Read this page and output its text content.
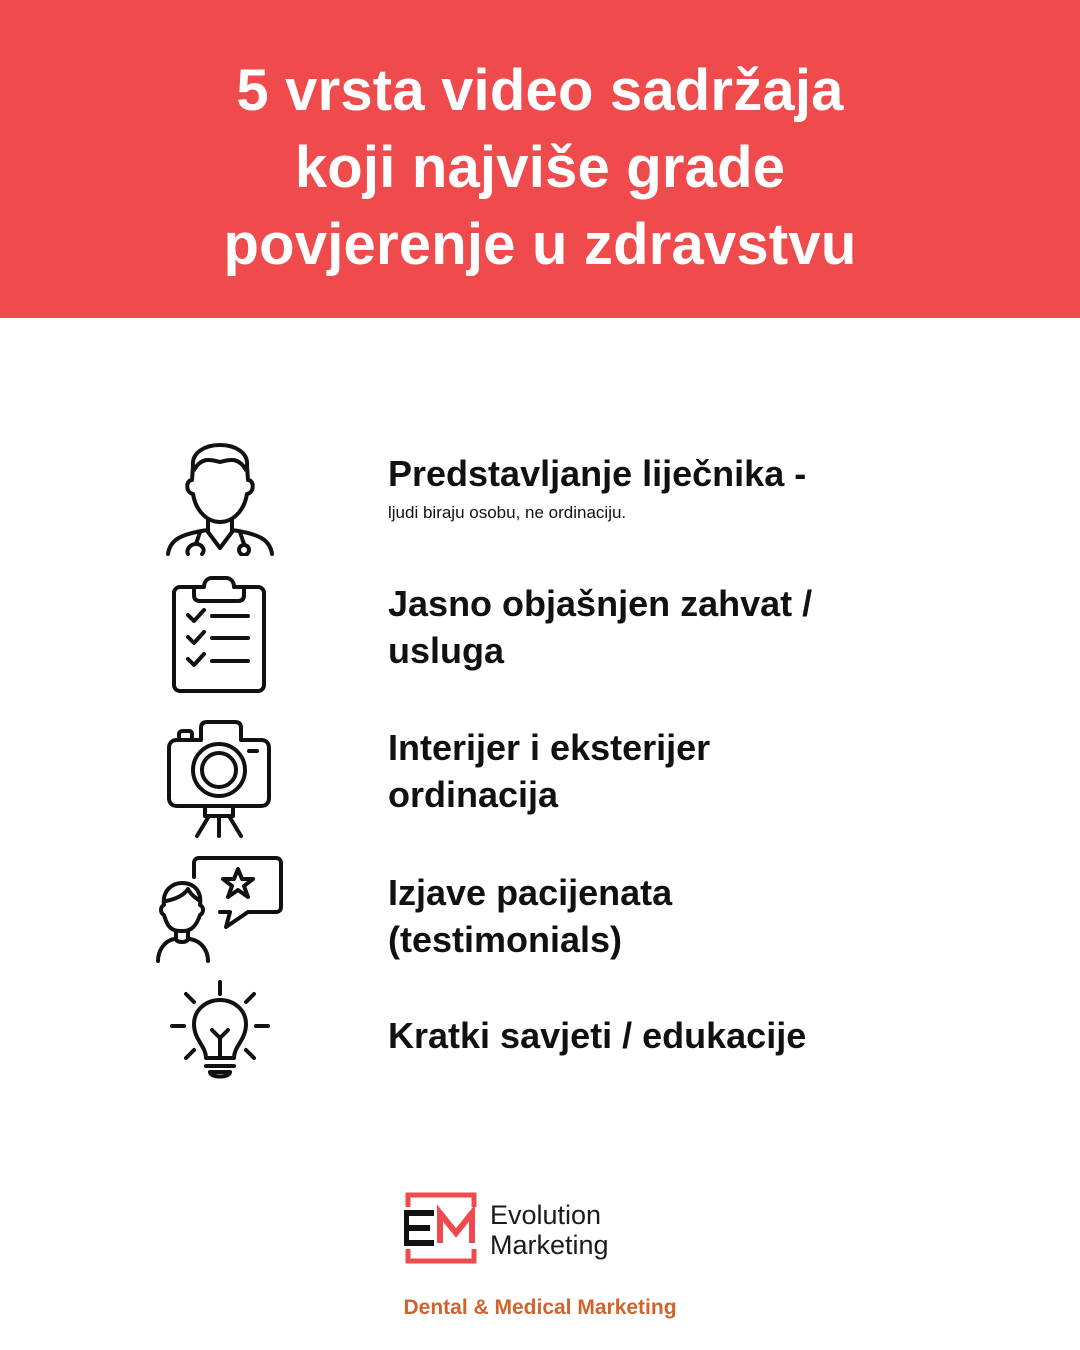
5 vrsta video sadržaja
koji najviše grade
povjerenje u zdravstvu
Predstavljanje liječnika -
ljudi biraju osobu, ne ordinaciju.
Jasno objašnjen zahvat /
usluga
Interijer i eksterijer
ordinacija
Izjave pacijenata
(testimonials)
Kratki savjeti / edukacije
Evolution
Marketing
Dental & Medical Marketing
